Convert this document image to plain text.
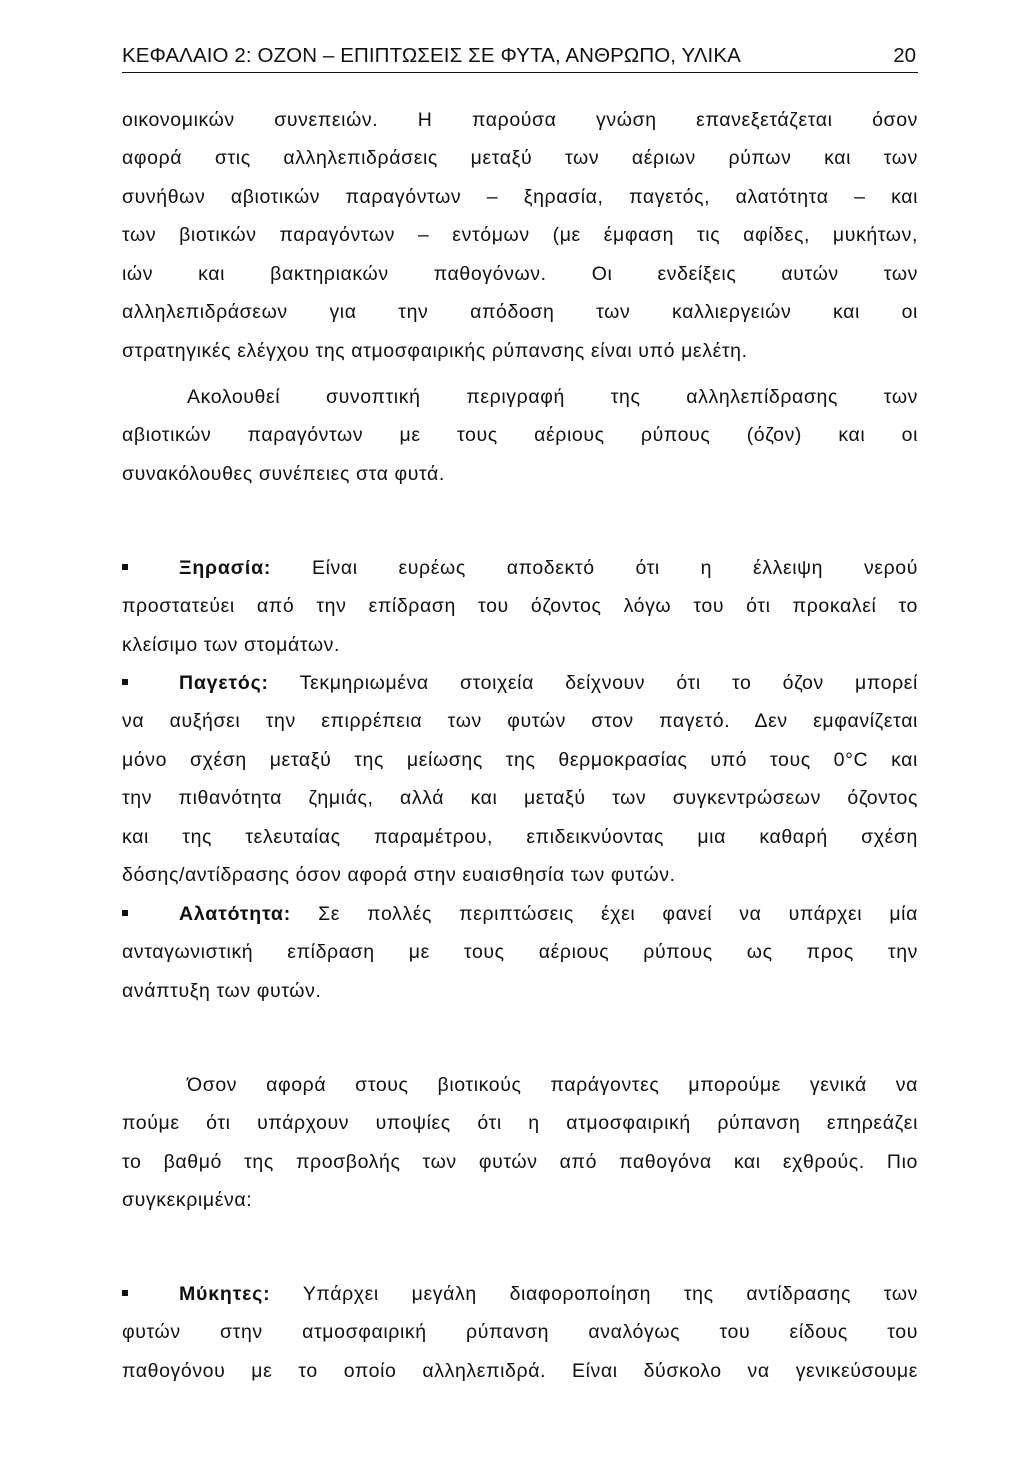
ΚΕΦΑΛΑΙΟ 2: ΟΖΟΝ – ΕΠΙΠΤΩΣΕΙΣ ΣΕ ΦΥΤΑ, ΑΝΘΡΩΠΟ, ΥΛΙΚΑ	20
οικονομικών συνεπειών. Η παρούσα γνώση επανεξετάζεται όσον
αφορά στις αλληλεπιδράσεις μεταξύ των αέριων ρύπων και των
συνήθων αβιοτικών παραγόντων – ξηρασία, παγετός, αλατότητα – και
των βιοτικών παραγόντων – εντόμων (με έμφαση τις αφίδες, μυκήτων,
ιών και βακτηριακών παθογόνων. Οι ενδείξεις αυτών των
αλληλεπιδράσεων για την απόδοση των καλλιεργειών και οι
στρατηγικές ελέγχου της ατμοσφαιρικής ρύπανσης είναι υπό μελέτη.
Ακολουθεί συνοπτική περιγραφή της αλληλεπίδρασης των
αβιοτικών παραγόντων με τους αέριους ρύπους (όζον) και οι
συνακόλουθες συνέπειες στα φυτά.
Ξηρασία: Είναι ευρέως αποδεκτό ότι η έλλειψη νερού
προστατεύει από την επίδραση του όζοντος λόγω του ότι προκαλεί το
κλείσιμο των στομάτων.
Παγετός: Τεκμηριωμένα στοιχεία δείχνουν ότι το όζον μπορεί
να αυξήσει την επιρρέπεια των φυτών στον παγετό. Δεν εμφανίζεται
μόνο σχέση μεταξύ της μείωσης της θερμοκρασίας υπό τους 0°C και
την πιθανότητα ζημιάς, αλλά και μεταξύ των συγκεντρώσεων όζοντος
και της τελευταίας παραμέτρου, επιδεικνύοντας μια καθαρή σχέση
δόσης/αντίδρασης όσον αφορά στην ευαισθησία των φυτών.
Αλατότητα: Σε πολλές περιπτώσεις έχει φανεί να υπάρχει μία
ανταγωνιστική επίδραση με τους αέριους ρύπους ως προς την
ανάπτυξη των φυτών.
Όσον αφορά στους βιοτικούς παράγοντες μπορούμε γενικά να
πούμε ότι υπάρχουν υποψίες ότι η ατμοσφαιρική ρύπανση επηρεάζει
το βαθμό της προσβολής των φυτών από παθογόνα και εχθρούς. Πιο
συγκεκριμένα:
Μύκητες: Υπάρχει μεγάλη διαφοροποίηση της αντίδρασης των
φυτών στην ατμοσφαιρική ρύπανση αναλόγως του είδους του
παθογόνου με το οποίο αλληλεπιδρά. Είναι δύσκολο να γενικεύσουμε
